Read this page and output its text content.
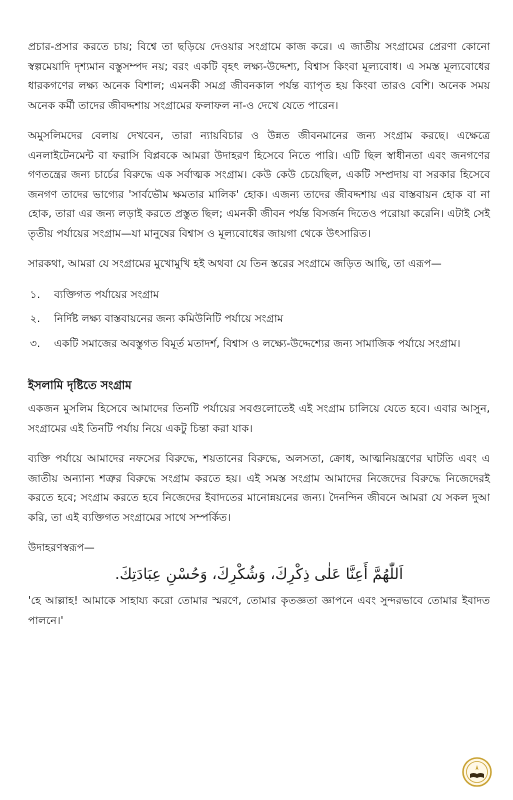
প্রচার-প্রসার করতে চায়; বিশ্বে তা ছড়িয়ে দেওয়ার সংগ্রামে কাজ করে। এ জাতীয় সংগ্রামের প্রেরণা কোনো স্বল্পমেয়াদি দৃশ্যমান বস্তুসম্পদ নয়; বরং একটি বৃহৎ লক্ষ্য-উদ্দেশ্য, বিশ্বাস কিংবা মূল্যবোধ। এ সমস্ত মূল্যবোধের ধারকগণের লক্ষ্য অনেক বিশাল; এমনকী সমগ্র জীবনকাল পর্যন্ত ব্যাপৃত হয় কিংবা তারও বেশি। অনেক সময় অনেক কর্মী তাদের জীবদ্দশায় সংগ্রামের ফলাফল না-ও দেখে যেতে পারেন।

অমুসলিমদের বেলায় দেখবেন, তারা ন্যায়বিচার ও উন্নত জীবনমানের জন্য সংগ্রাম করছে। এক্ষেত্রে এনলাইটেনমেন্ট বা ফরাসি বিপ্লবকে আমরা উদাহরণ হিসেবে নিতে পারি। এটি ছিল স্বাধীনতা এবং জনগণের গণতন্ত্রের জন্য চার্চের বিরুদ্ধে এক সর্বাত্মক সংগ্রাম। কেউ কেউ চেয়েছিল, একটি সম্প্রদায় বা সরকার হিসেবে জনগণ তাদের ভাগ্যের 'সার্বভৌম ক্ষমতার মালিক' হোক। এজন্য তাদের জীবদ্দশায় এর বাস্তবায়ন হোক বা না হোক, তারা এর জন্য লড়াই করতে প্রস্তুত ছিল; এমনকী জীবন পর্যন্ত বিসর্জন দিতেও পরোয়া করেনি। এটাই সেই তৃতীয় পর্যায়ের সংগ্রাম—যা মানুষের বিশ্বাস ও মূল্যবোধের জায়গা থেকে উৎসারিত।

সারকথা, আমরা যে সংগ্রামের মুখোমুখি হই অথবা যে তিন স্তরের সংগ্রামে জড়িত আছি, তা এরূপ—

১.	ব্যক্তিগত পর্যায়ের সংগ্রাম
২.	নির্দিষ্ট লক্ষ্য বাস্তবায়নের জন্য কমিউনিটি পর্যায়ে সংগ্রাম
৩.	একটি সমাজের অবস্তুগত বিমূর্ত মতাদর্শ, বিশ্বাস ও লক্ষ্যে-উদ্দেশ্যের জন্য সামাজিক পর্যায়ে সংগ্রাম।
ইসলামি দৃষ্টিতে সংগ্রাম

একজন মুসলিম হিসেবে আমাদের তিনটি পর্যায়ের সবগুলোতেই এই সংগ্রাম চালিয়ে যেতে হবে। এবার আসুন, সংগ্রামের এই তিনটি পর্যায় নিয়ে একটু চিন্তা করা যাক।

ব্যক্তি পর্যায়ে আমাদের নফসের বিরুদ্ধে, শয়তানের বিরুদ্ধে, অলসতা, ক্রোধ, আত্মনিয়ন্ত্রণের ঘাটতি এবং এ জাতীয় অন্যান্য শত্রুর বিরুদ্ধে সংগ্রাম করতে হয়। এই সমস্ত সংগ্রাম আমাদের নিজেদের বিরুদ্ধে নিজেদেরই করতে হবে; সংগ্রাম করতে হবে নিজেদের ইবাদতের মানোন্নয়নের জন্য। দৈনন্দিন জীবনে আমরা যে সকল দুআ করি, তা এই ব্যক্তিগত সংগ্রামের সাথে সম্পর্কিত।

উদাহরণস্বরূপ—

اَللّٰهُمَّ أَعِنَّا عَلٰى ذِكْرِكَ، وَشُكْرِكَ، وَحُسْنِ عِبَادَتِكَ.

'হে আল্লাহ! আমাকে সাহায্য করো তোমার স্মরণে, তোমার কৃতজ্ঞতা জ্ঞাপনে এবং সুন্দরভাবে তোমার ইবাদত পালনে।'
